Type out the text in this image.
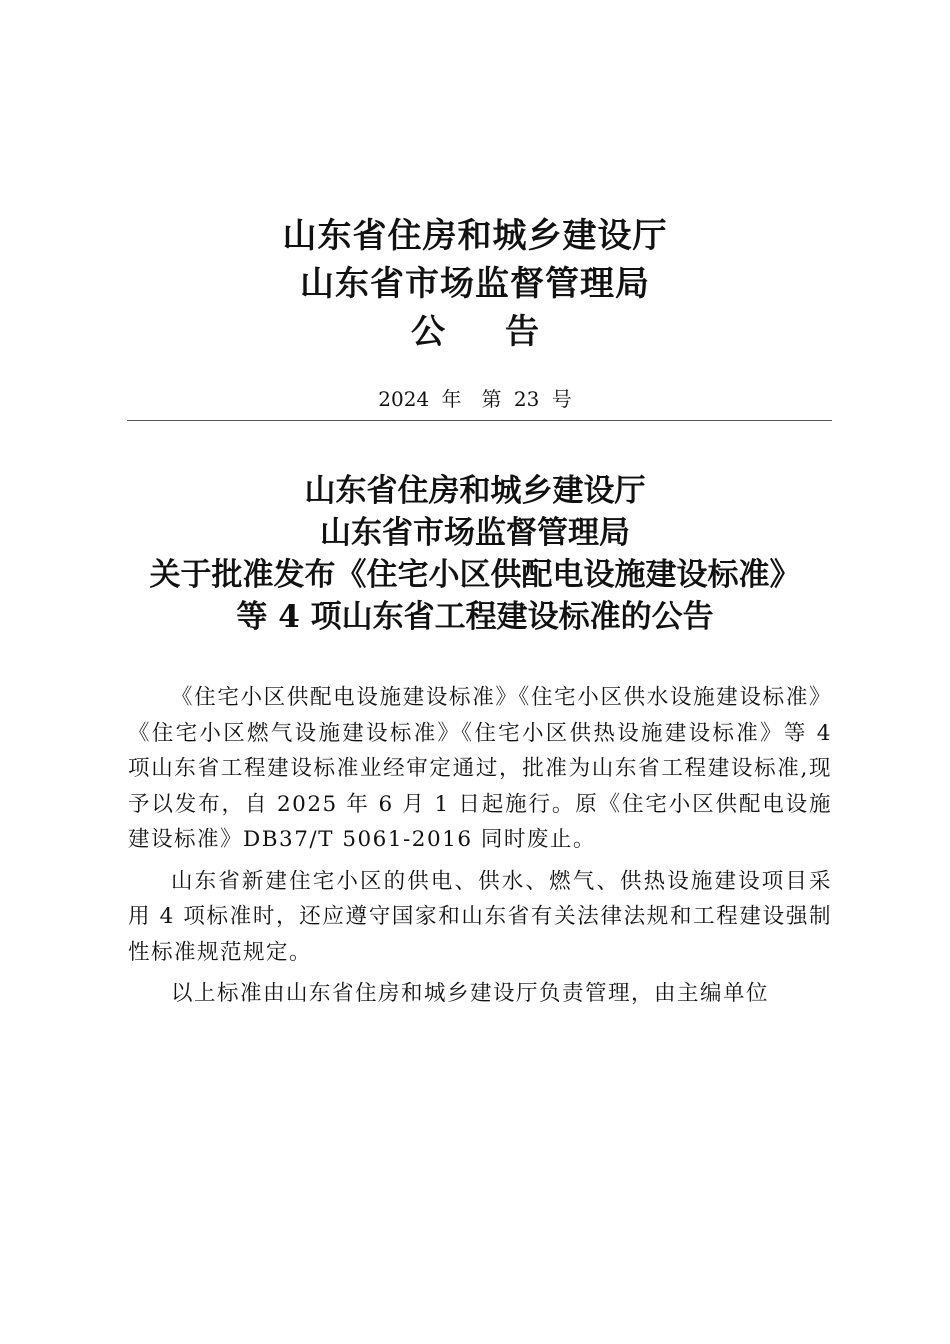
山东省住房和城乡建设厅

山东省市场监督管理局

公告

2024 年　第 23 号

山东省住房和城乡建设厅

山东省市场监督管理局

关于批准发布《住宅小区供配电设施建设标准》

等 4 项山东省工程建设标准的公告

《住宅小区供配电设施建设标准》《住宅小区供水设施建设标准》《住宅小区燃气设施建设标准》《住宅小区供热设施建设标准》等 4 项山东省工程建设标准业经审定通过，批准为山东省工程建设标准,现予以发布，自 2025 年 6 月 1 日起施行。原《住宅小区供配电设施建设标准》DB37/T 5061-2016 同时废止。

山东省新建住宅小区的供电、供水、燃气、供热设施建设项目采用 4 项标准时，还应遵守国家和山东省有关法律法规和工程建设强制性标准规范规定。

以上标准由山东省住房和城乡建设厅负责管理，由主编单位
